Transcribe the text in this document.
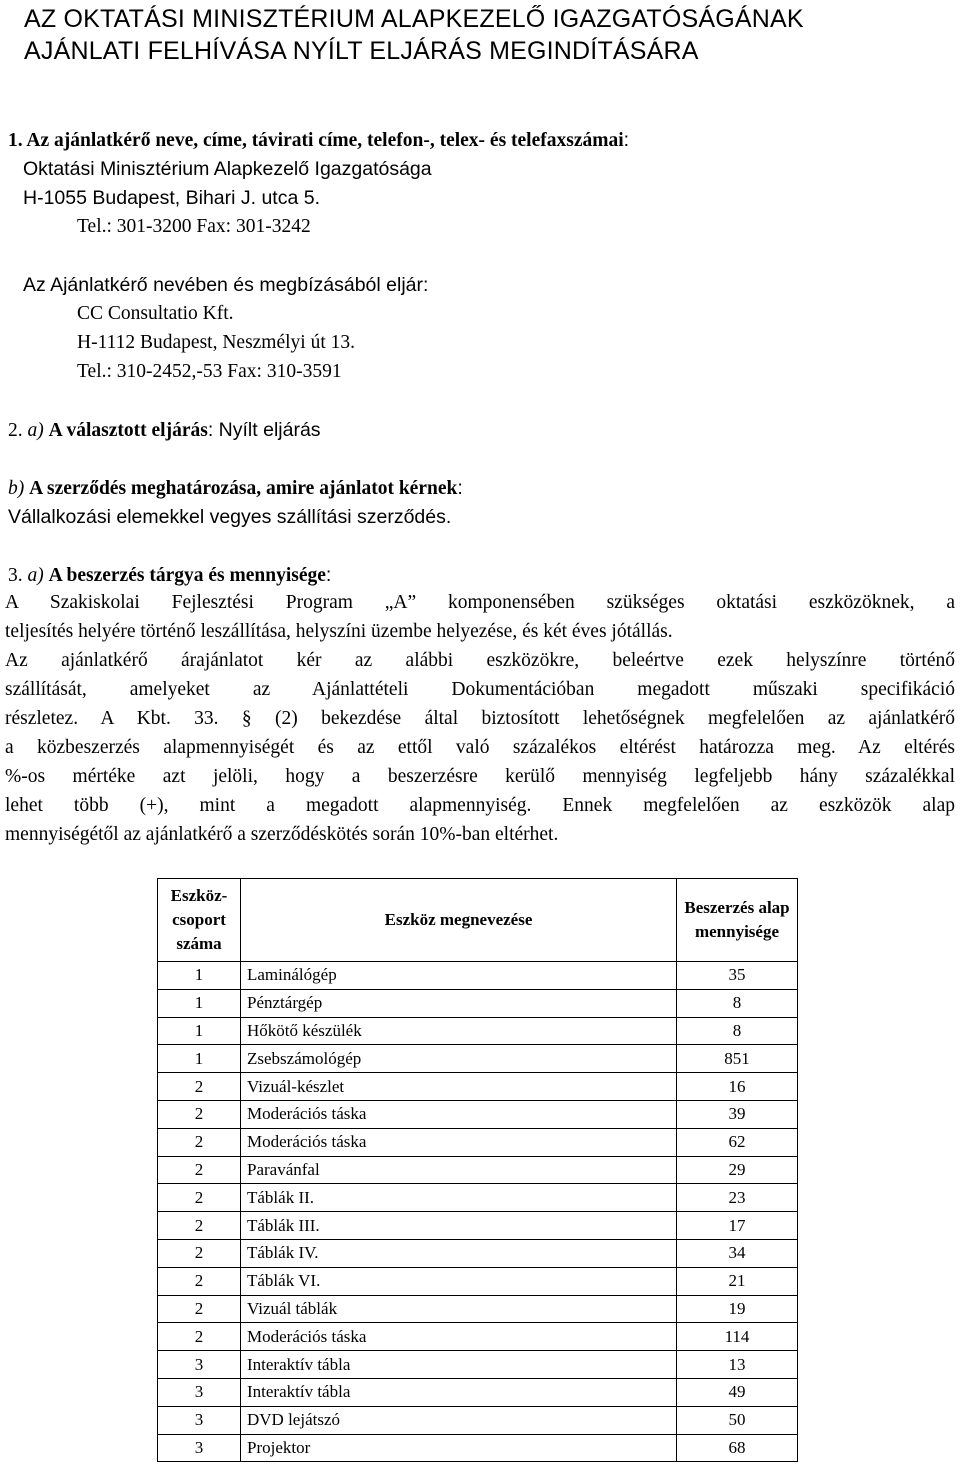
AZ OKTATÁSI MINISZTÉRIUM ALAPKEZELŐ IGAZGATÓSÁGÁNAK
AJÁNLATI FELHÍVÁSA NYÍLT ELJÁRÁS MEGINDÍTÁSÁRA
1. Az ajánlatkérő neve, címe, távirati címe, telefon-, telex- és telefaxszámai:
Oktatási Minisztérium Alapkezelő Igazgatósága
H-1055 Budapest, Bihari J. utca 5.
Tel.: 301-3200 Fax: 301-3242
Az Ajánlatkérő nevében és megbízásából eljár:
CC Consultatio Kft.
H-1112 Budapest, Neszmélyi út 13.
Tel.: 310-2452,-53 Fax: 310-3591
2. a) A választott eljárás: Nyílt eljárás
b) A szerződés meghatározása, amire ajánlatot kérnek:
Vállalkozási elemekkel vegyes szállítási szerződés.
3. a) A beszerzés tárgya és mennyisége:
A Szakiskolai Fejlesztési Program „A” komponensében szükséges oktatási eszközöknek, a
teljesítés helyére történő leszállítása, helyszíni üzembe helyezése, és két éves jótállás.
Az ajánlatkérő árajánlatot kér az alábbi eszközökre, beleértve ezek helyszínre történő
szállítását, amelyeket az Ajánlattételi Dokumentációban megadott műszaki specifikáció
részletez. A Kbt. 33. § (2) bekezdése által biztosított lehetőségnek megfelelően az ajánlatkérő
a közbeszerzés alapmennyiségét és az ettől való százalékos eltérést határozza meg. Az eltérés
%-os mértéke azt jelöli, hogy a beszerzésre kerülő mennyiség legfeljebb hány százalékkal
lehet több (+), mint a megadott alapmennyiség. Ennek megfelelően az eszközök alap
mennyiségétől az ajánlatkérő a szerződéskötés során 10%-ban eltérhet.
Eszköz-csoport száma	Eszköz megnevezése	Beszerzés alap mennyisége
1	Laminálógép	35
1	Pénztárgép	8
1	Hőkötő készülék	8
1	Zsebszámológép	851
2	Vizuál-készlet	16
2	Moderációs táska	39
2	Moderációs táska	62
2	Paravánfal	29
2	Táblák II.	23
2	Táblák III.	17
2	Táblák IV.	34
2	Táblák VI.	21
2	Vizuál táblák	19
2	Moderációs táska	114
3	Interaktív tábla	13
3	Interaktív tábla	49
3	DVD lejátszó	50
3	Projektor	68
